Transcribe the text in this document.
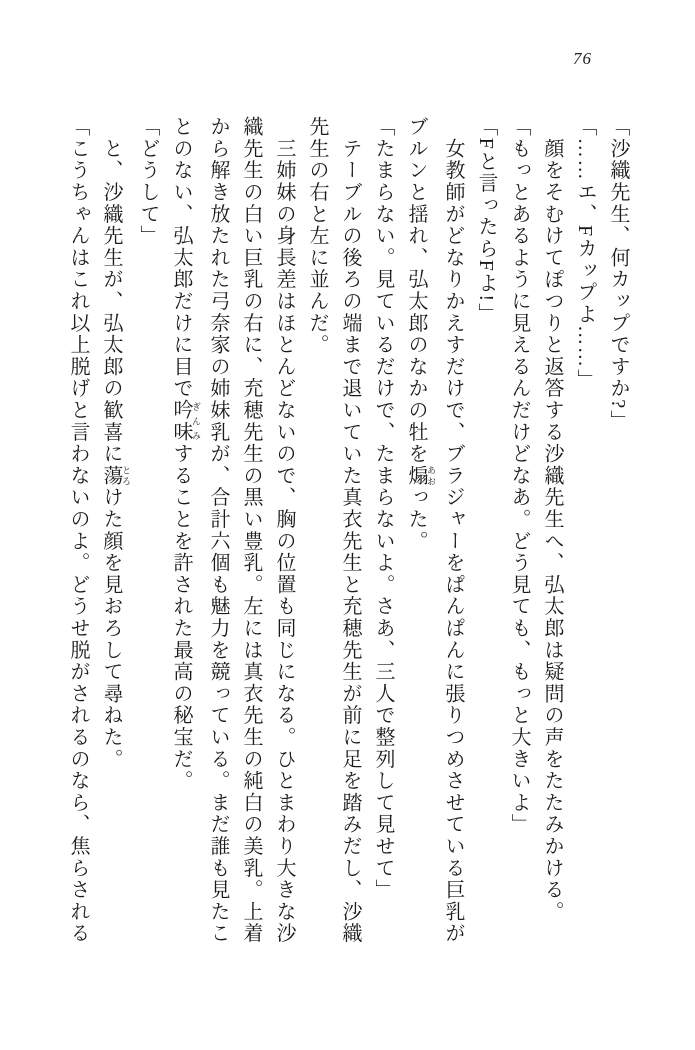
76

「沙織先生、何カップですか?」

「……エ、Fカップよ……」

　顔をそむけてぽつりと返答する沙織先生へ、弘太郎は疑問の声をたたみかける。

「もっとあるように見えるんだけどなあ。どう見ても、もっと大きいよ」

「Fと言ったらFよ!」

　女教師がどなりかえすだけで、ブラジャーをぱんぱんに張りつめさせている巨乳が

ブルンと揺れ、弘太郎のなかの牡を煽 あおった。

「たまらない。見ているだけで、たまらないよ。さあ、三人で整列して見せて」

　テーブルの後ろの端まで退いていた真衣先生と充穂先生が前に足を踏みだし、沙織

先生の右と左に並んだ。

　三姉妹の身長差はほとんどないので、胸の位置も同じになる。ひとまわり大きな沙

織先生の白い巨乳の右に、充穂先生の黒い豊乳。左には真衣先生の純白の美乳。上着

から解き放たれた弓奈家の姉妹乳が、合計六個も魅力を競っている。まだ誰も見たこ

とのない、弘太郎だけに目で吟味 ぎんみすることを許された最高の秘宝だ。

「どうして」

　と、沙織先生が、弘太郎の歓喜に蕩 とろけた顔を見おろして尋ねた。

「こうちゃんはこれ以上脱げと言わないのよ。どうせ脱がされるのなら、焦らされる
